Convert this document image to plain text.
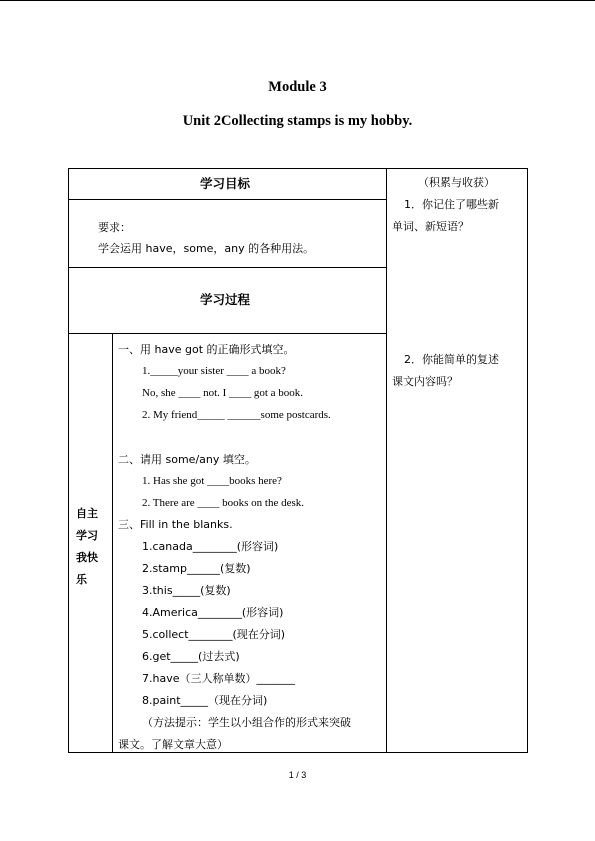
Module 3
Unit 2Collecting stamps is my hobby.
学习目标
要求：
学会运用 have，some，any 的各种用法。
学习过程
自主
学习
我快
乐
一、用 have got 的正确形式填空。
1._____your sister ____ a book?
No, she ____ not. I ____ got a book.
2. My friend_____ ______some postcards.
二、请用 some/any 填空。
1. Has she got ____books here?
2. There are ____ books on the desk.
三、Fill in the blanks.
1.canada________(形容词)
2.stamp______(复数)
3.this_____(复数)
4.America________(形容词)
5.collect________(现在分词)
6.get_____(过去式)
7.have（三人称单数）_______
8.paint_____（现在分词)
（方法提示：学生以小组合作的形式来突破
课文。了解文章大意）
（积累与收获）
1．你记住了哪些新
单词、新短语？
2．你能简单的复述
课文内容吗？
1 / 3
